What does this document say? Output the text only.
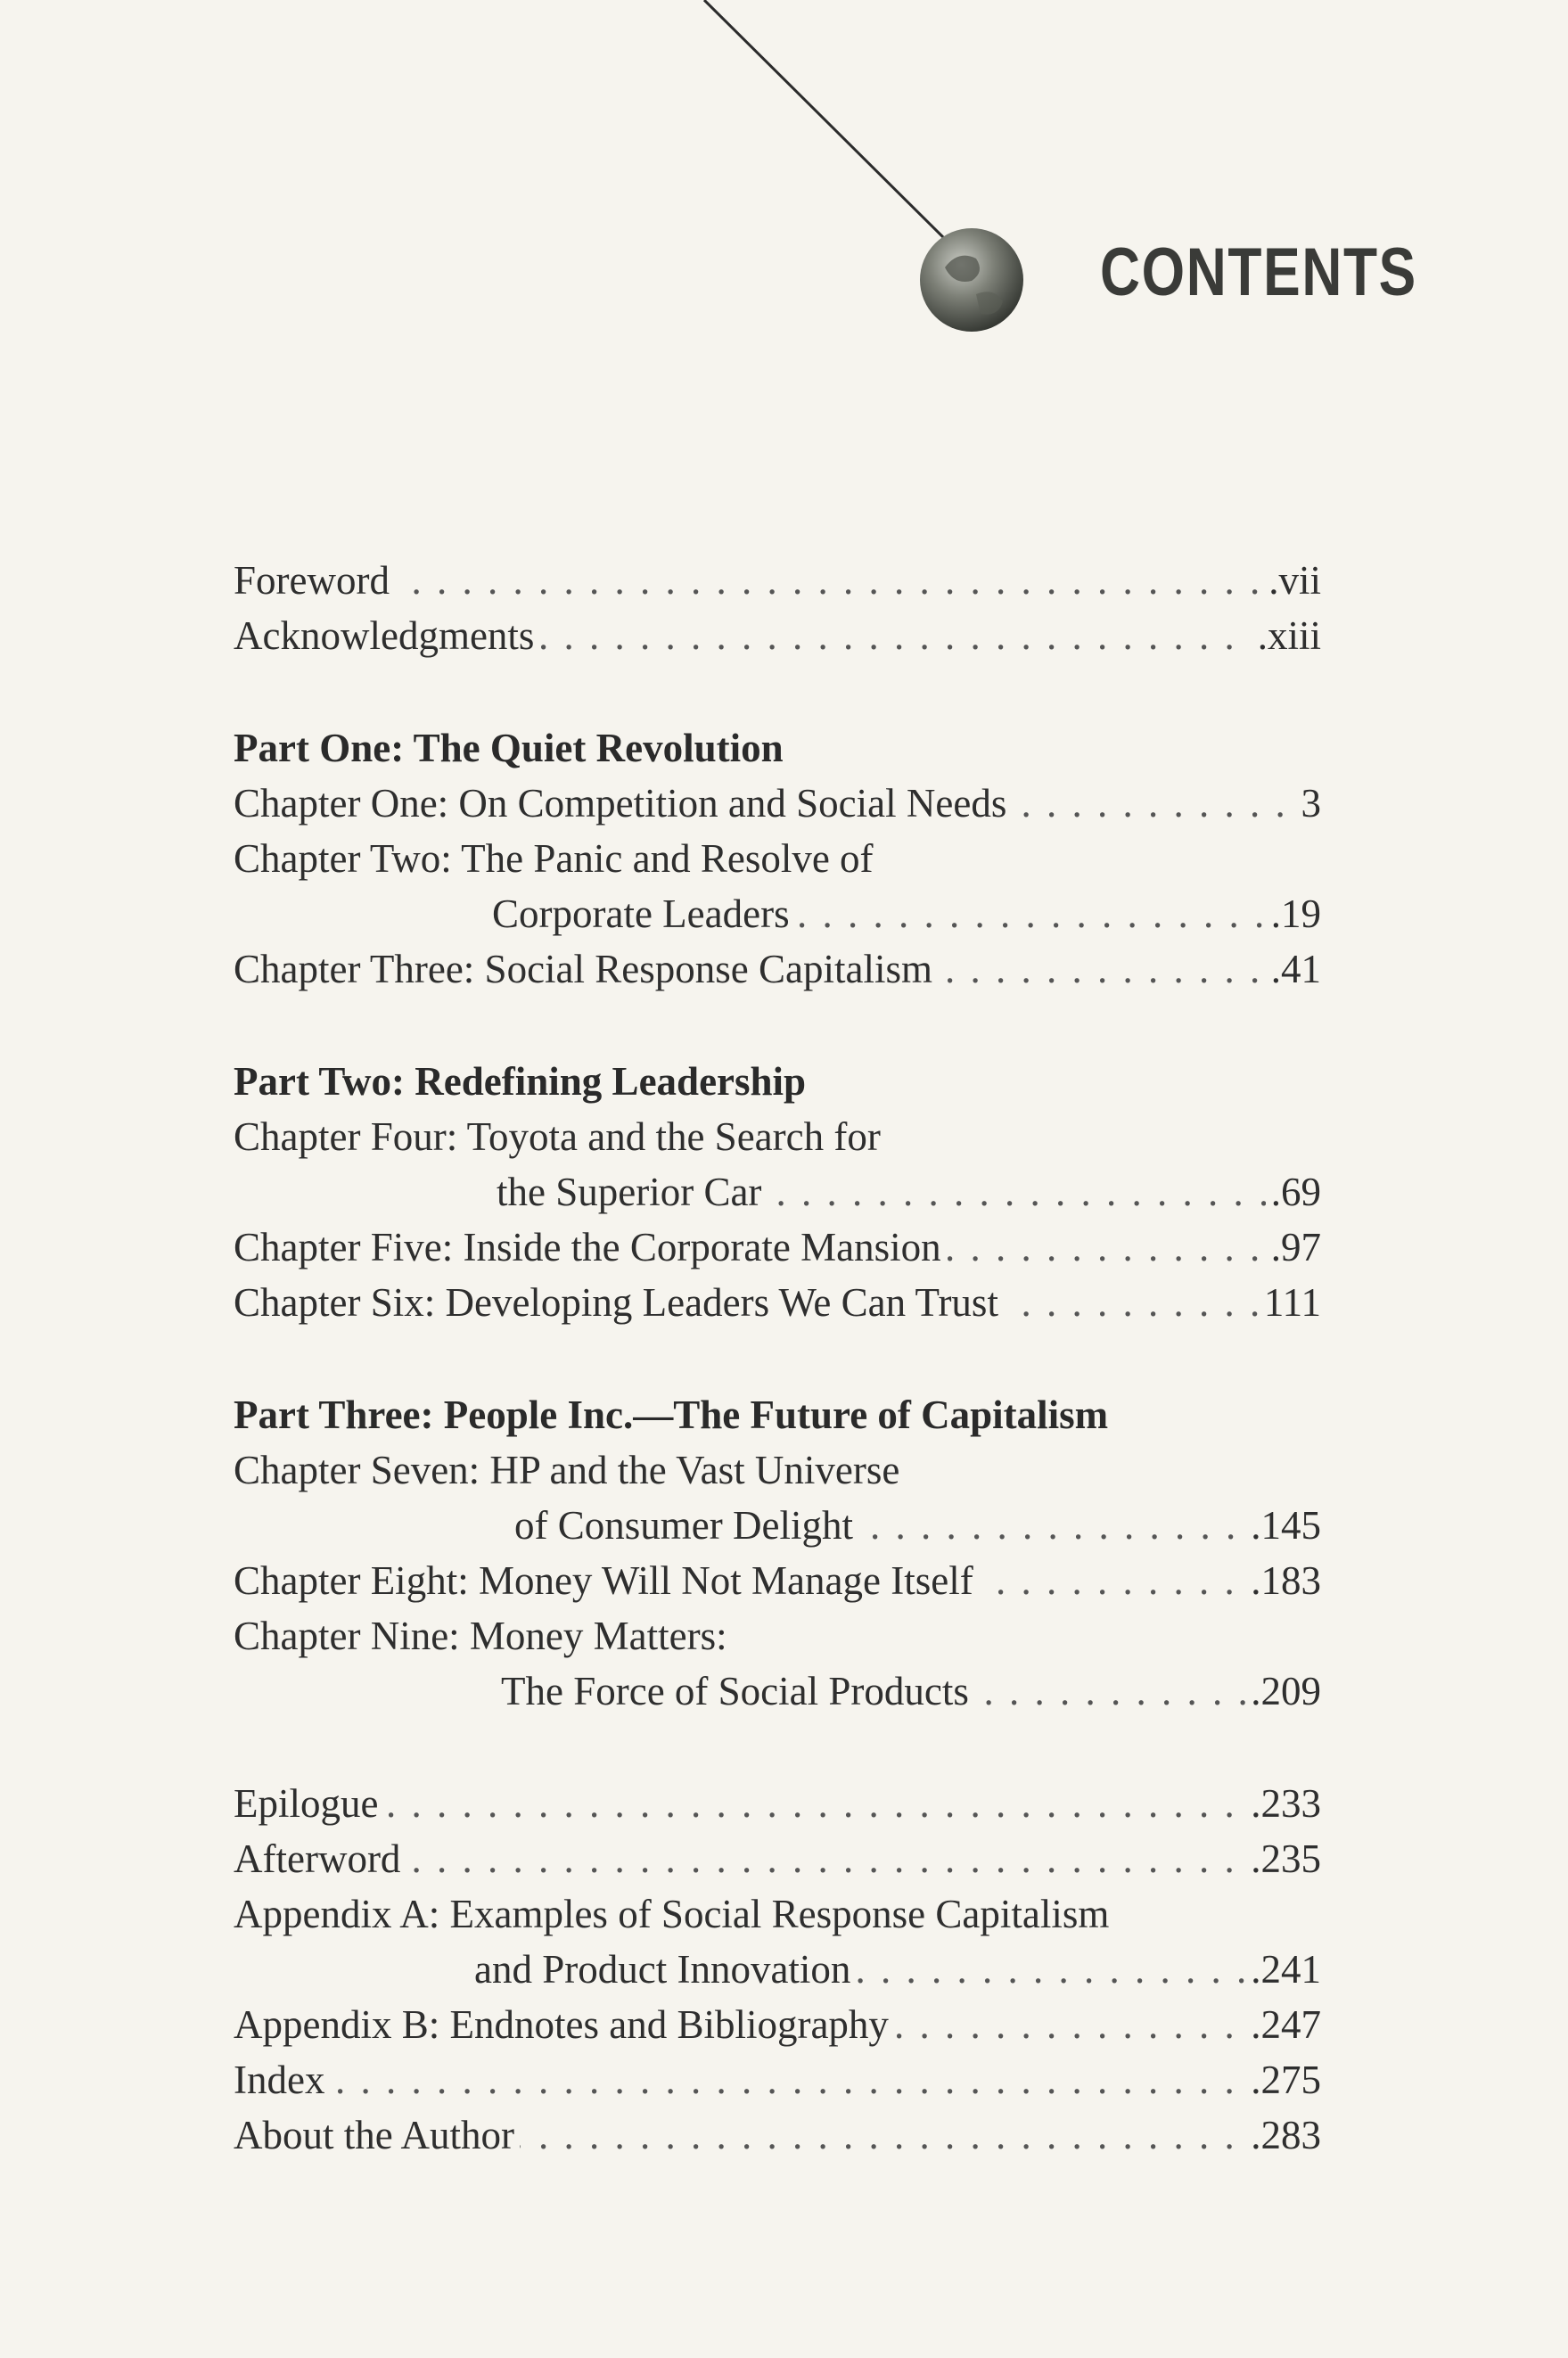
CONTENTS
Foreword . . .	.vii
Acknowledgments . . .	.xiii
Part One: The Quiet Revolution
Chapter One: On Competition and Social Needs . . .	3
Chapter Two: The Panic and Resolve of
Corporate Leaders . . .	.19
Chapter Three: Social Response Capitalism . . .	.41
Part Two: Redefining Leadership
Chapter Four: Toyota and the Search for
the Superior Car . . .	.69
Chapter Five: Inside the Corporate Mansion . . .	.97
Chapter Six: Developing Leaders We Can Trust . . .	111
Part Three: People Inc.—The Future of Capitalism
Chapter Seven: HP and the Vast Universe
of Consumer Delight . . .	.145
Chapter Eight: Money Will Not Manage Itself . . .	.183
Chapter Nine: Money Matters:
The Force of Social Products . . .	.209
Epilogue . . .	.233
Afterword . . .	.235
Appendix A: Examples of Social Response Capitalism
and Product Innovation . . .	.241
Appendix B: Endnotes and Bibliography . . .	.247
Index . . .	.275
About the Author . . .	.283
